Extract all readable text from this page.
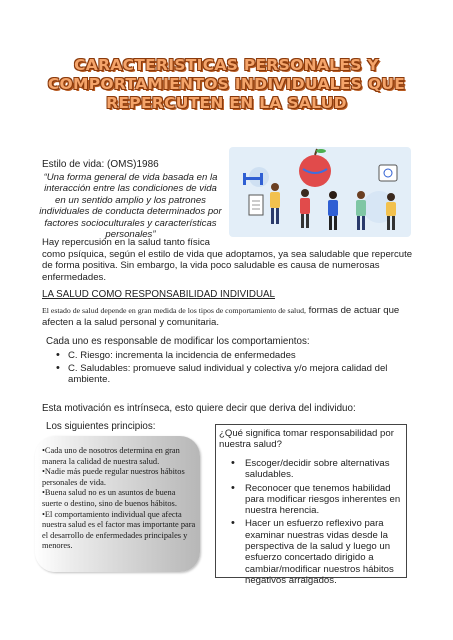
CARACTERISTICAS PERSONALES Y
COMPORTAMIENTOS INDIVIDUALES QUE
REPERCUTEN EN LA SALUD
Estilo de vida: (OMS)1986
“Una forma general de vida basada en la interacción entre las condiciones de vida en un sentido amplio y los patrones individuales de conducta determinados por factores socioculturales y características personales”
Hay repercusión en la salud tanto física
como psíquica, según el estilo de vida que adoptamos, ya sea saludable que repercute de forma positiva. Sin embargo, la vida poco saludable es causa de numerosas enfermedades.
LA SALUD COMO RESPONSABILIDAD INDIVIDUAL
El estado de salud depende en gran medida de los tipos de comportamiento de salud, formas de actuar que afecten a la salud personal y comunitaria.
Cada uno es responsable de modificar los comportamientos:
• C. Riesgo: incrementa la incidencia de enfermedades
• C. Saludables: promueve salud individual y colectiva y/o mejora calidad del ambiente.
Esta motivación es intrínseca, esto quiere decir que deriva del individuo:
Los siguientes principios:
•Cada uno de nosotros determina en gran manera la calidad de nuestra salud.
•Nadie más puede regular nuestros hábitos personales de vida.
•Buena salud no es un asuntos de buena suerte o destino, sino de buenos hábitos.
•El comportamiento individual que afecta nuestra salud es el factor mas importante para el desarrollo de enfermedades principales y menores.
¿Qué significa tomar responsabilidad por nuestra salud?
• Escoger/decidir sobre alternativas saludables.
• Reconocer que tenemos habilidad para modificar riesgos inherentes en nuestra herencia.
• Hacer un esfuerzo reflexivo para examinar nuestras vidas desde la perspectiva de la salud y luego un esfuerzo concertado dirigido a cambiar/modificar nuestros hábitos negativos arraigados.
